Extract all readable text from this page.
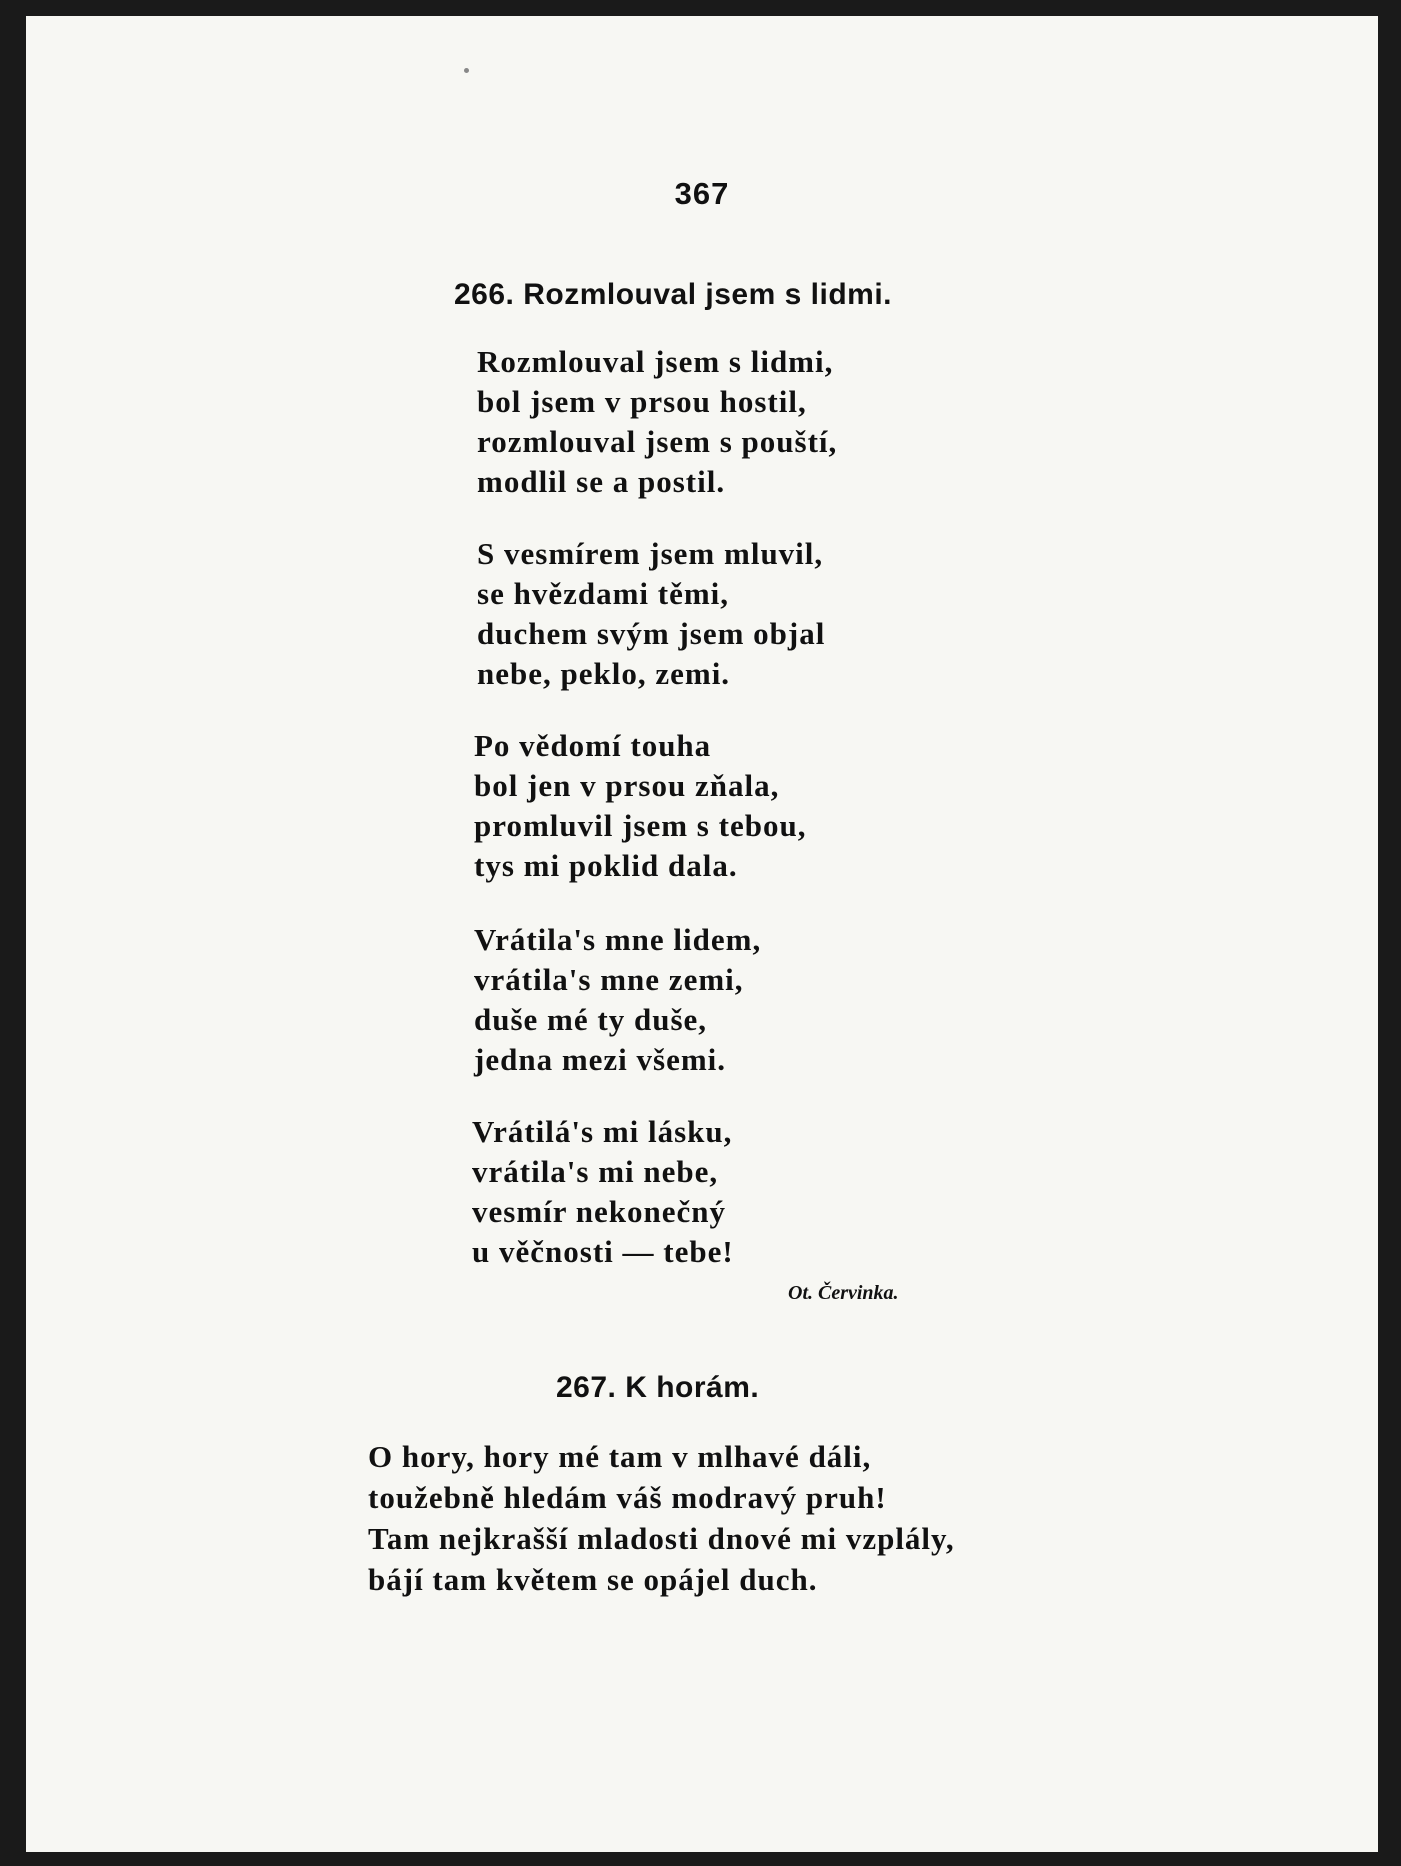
367
266. Rozmlouval jsem s lidmi.
Rozmlouval jsem s lidmi,
bol jsem v prsou hostil,
rozmlouval jsem s pouští,
modlil se a postil.
S vesmírem jsem mluvil,
se hvězdami těmi,
duchem svým jsem objal
nebe, peklo, zemi.
Po vědomí touha
bol jen v prsou zňala,
promluvil jsem s tebou,
tys mi poklid dala.
Vrátila's mne lidem,
vrátila's mne zemi,
duše mé ty duše,
jedna mezi všemi.
Vrátilá's mi lásku,
vrátila's mi nebe,
vesmír nekonečný
u věčnosti — tebe!
Ot. Červinka.
267. K horám.
O hory, hory mé tam v mlhavé dáli,
toužebně hledám váš modravý pruh!
Tam nejkrašší mladosti dnové mi vzplály,
bájí tam květem se opájel duch.
